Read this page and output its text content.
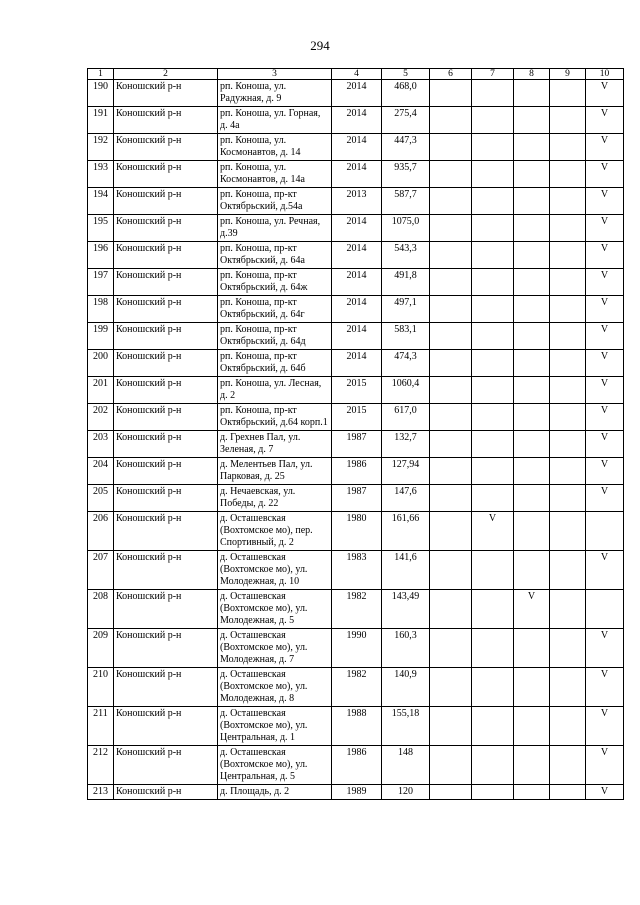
294
1	2	3	4	5	6	7	8	9	10
190	Коношский р-н	рп. Коноша, ул. Радужная, д. 9	2014	468,0					V
191	Коношский р-н	рп. Коноша, ул. Горная, д. 4а	2014	275,4					V
192	Коношский р-н	рп. Коноша, ул. Космонавтов, д. 14	2014	447,3					V
193	Коношский р-н	рп. Коноша, ул. Космонавтов, д. 14а	2014	935,7					V
194	Коношский р-н	рп. Коноша, пр-кт Октябрьский, д.54а	2013	587,7					V
195	Коношский р-н	рп. Коноша, ул. Речная, д.39	2014	1075,0					V
196	Коношский р-н	рп. Коноша, пр-кт Октябрьский, д. 64а	2014	543,3					V
197	Коношский р-н	рп. Коноша, пр-кт Октябрьский, д. 64ж	2014	491,8					V
198	Коношский р-н	рп. Коноша, пр-кт Октябрьский, д. 64г	2014	497,1					V
199	Коношский р-н	рп. Коноша, пр-кт Октябрьский, д. 64д	2014	583,1					V
200	Коношский р-н	рп. Коноша, пр-кт Октябрьский, д. 64б	2014	474,3					V
201	Коношский р-н	рп. Коноша, ул. Лесная, д. 2	2015	1060,4					V
202	Коношский р-н	рп. Коноша, пр-кт Октябрьский, д.64 корп.1	2015	617,0					V
203	Коношский р-н	д. Грехнев Пал, ул. Зеленая, д. 7	1987	132,7					V
204	Коношский р-н	д. Мелентьев Пал, ул. Парковая, д. 25	1986	127,94					V
205	Коношский р-н	д. Нечаевская, ул. Победы, д. 22	1987	147,6					V
206	Коношский р-н	д. Осташевская (Вохтомское мо), пер. Спортивный, д. 2	1980	161,66		V			
207	Коношский р-н	д. Осташевская (Вохтомское мо), ул. Молодежная, д. 10	1983	141,6					V
208	Коношский р-н	д. Осташевская (Вохтомское мо), ул. Молодежная, д. 5	1982	143,49			V		
209	Коношский р-н	д. Осташевская (Вохтомское мо), ул. Молодежная, д. 7	1990	160,3					V
210	Коношский р-н	д. Осташевская (Вохтомское мо), ул. Молодежная, д. 8	1982	140,9					V
211	Коношский р-н	д. Осташевская (Вохтомское мо), ул. Центральная, д. 1	1988	155,18					V
212	Коношский р-н	д. Осташевская (Вохтомское мо), ул. Центральная, д. 5	1986	148					V
213	Коношский р-н	д. Площадь, д. 2	1989	120					V
